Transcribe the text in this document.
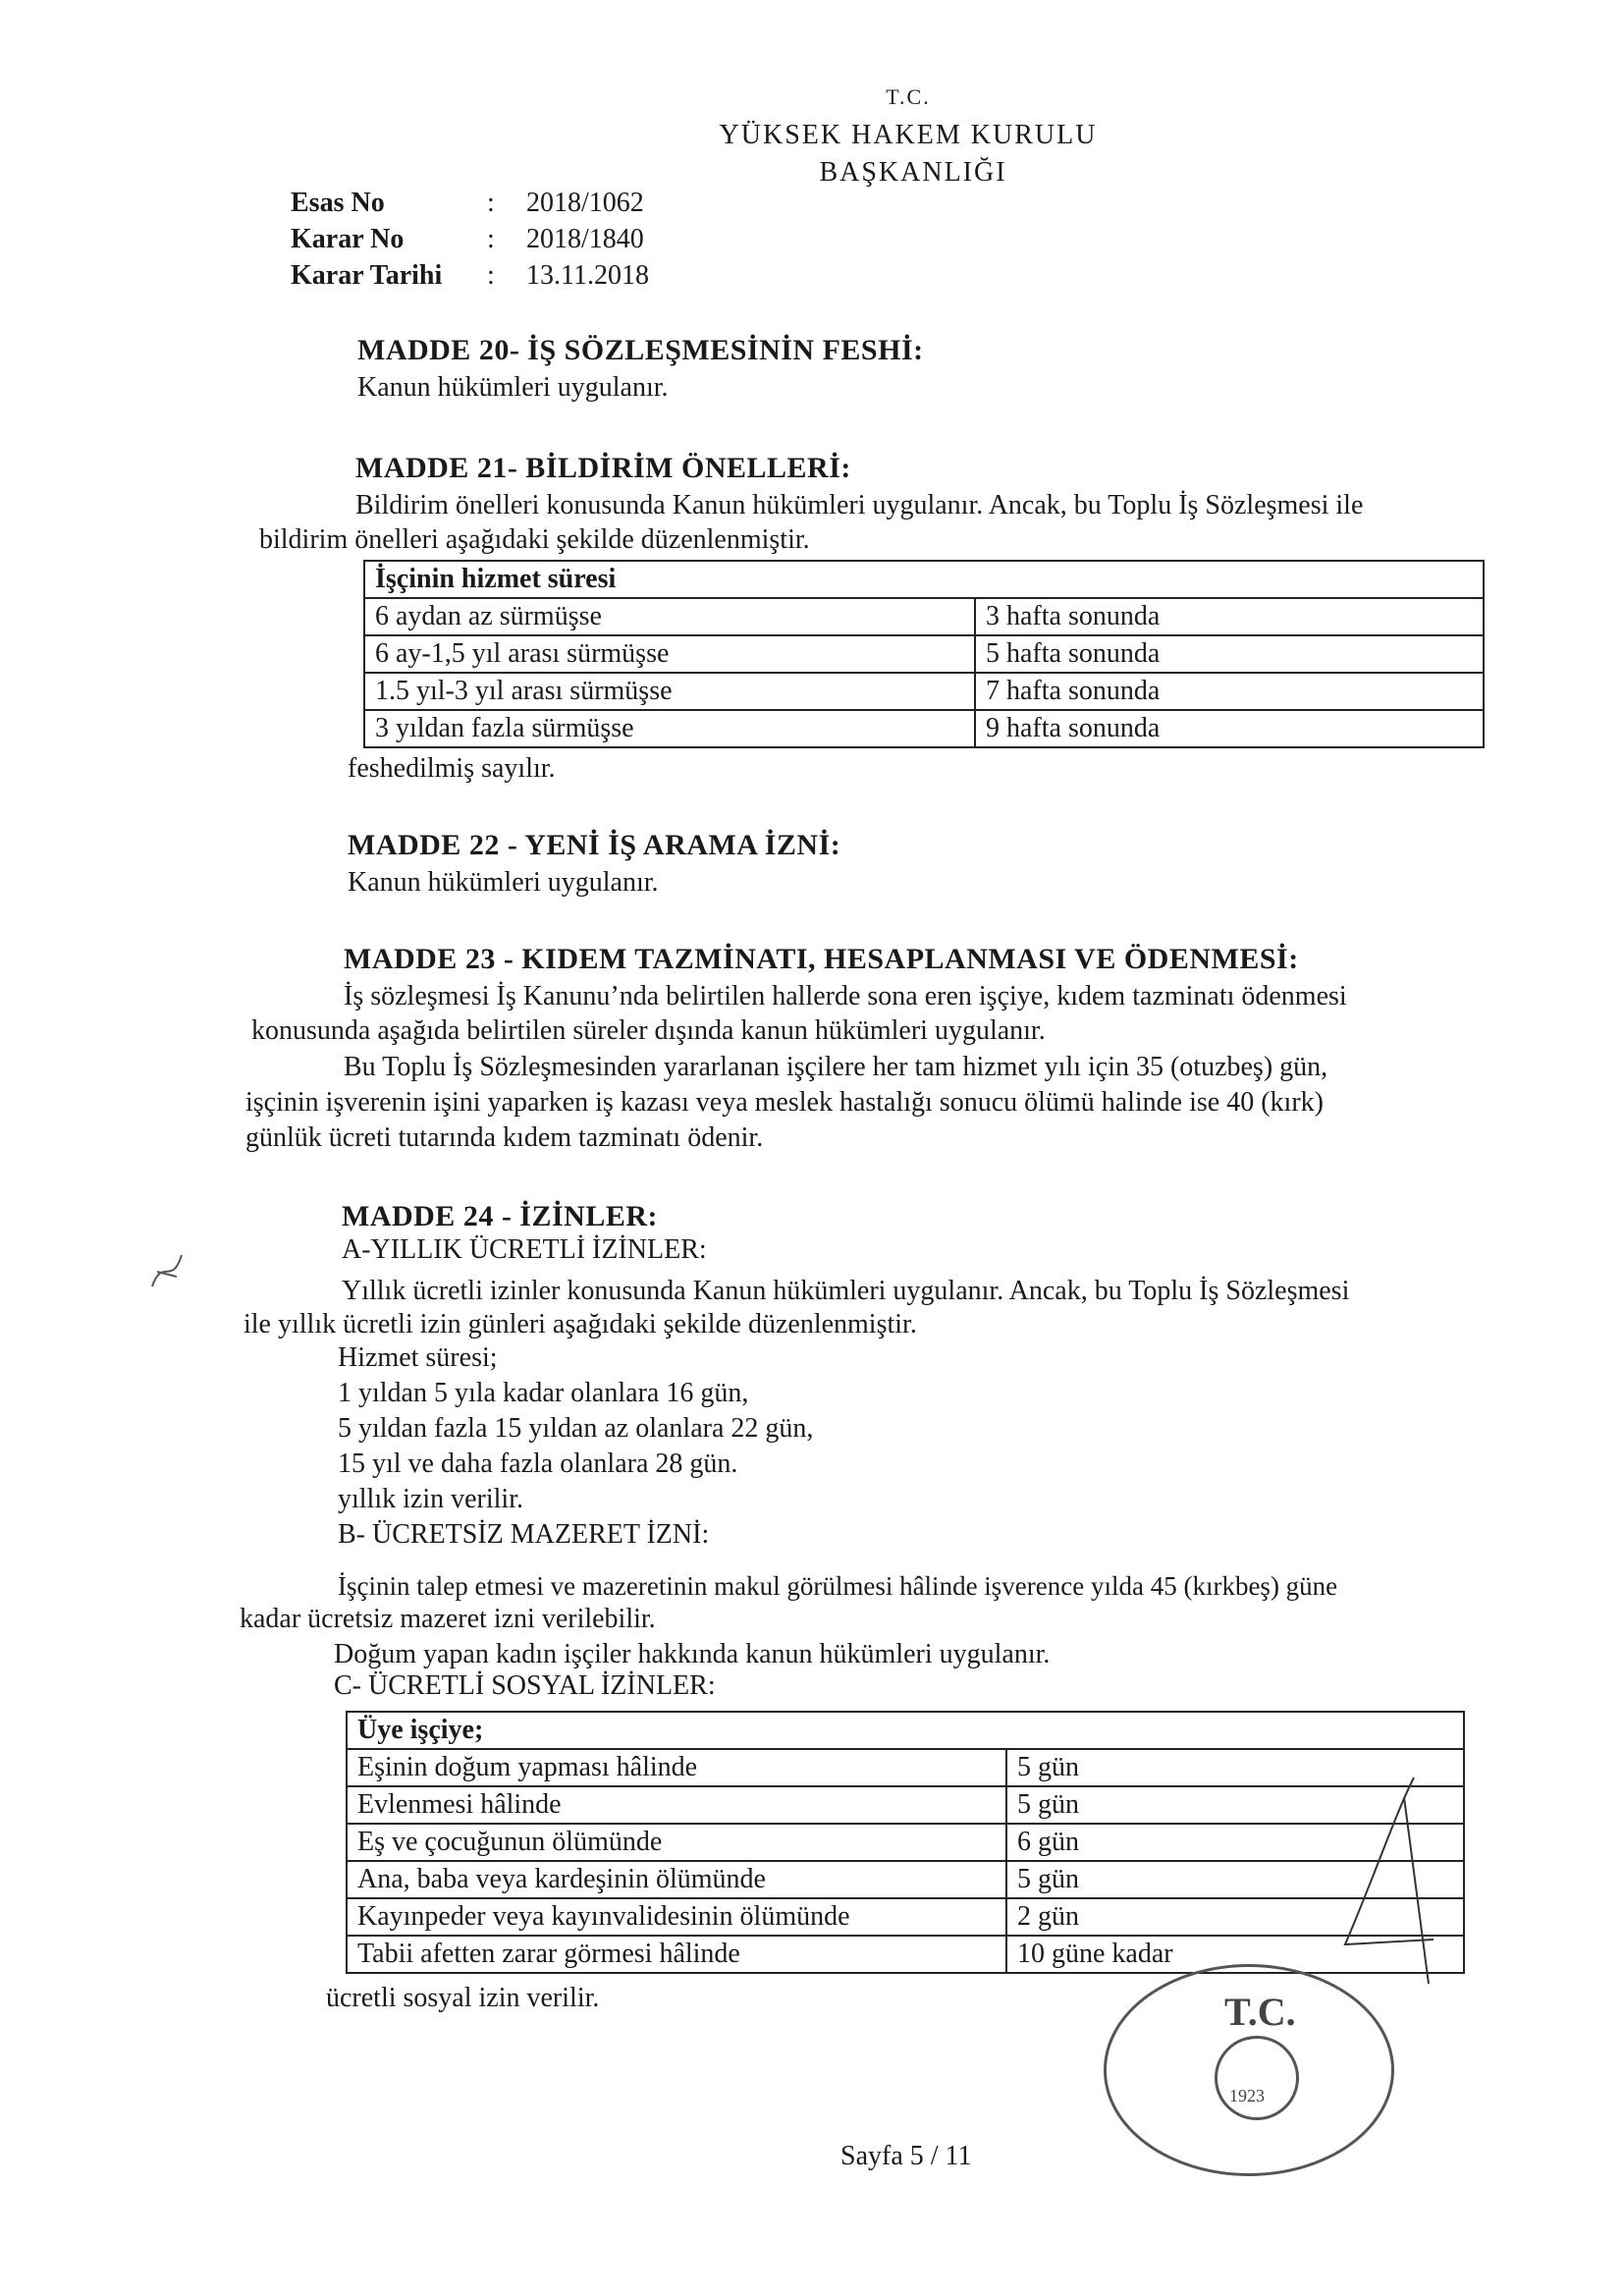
T.C.
YÜKSEK HAKEM KURULU
BAŞKANLIĞI
Esas No	: 2018/1062
Karar No	: 2018/1840
Karar Tarihi : 13.11.2018
MADDE 20- İŞ SÖZLEŞMESİNİN FESHİ:
Kanun hükümleri uygulanır.
MADDE 21- BİLDİRİM ÖNELLERİ:
Bildirim önelleri konusunda Kanun hükümleri uygulanır. Ancak, bu Toplu İş Sözleşmesi ile
bildirim önelleri aşağıdaki şekilde düzenlenmiştir.
İşçinin hizmet süresi	
6 aydan az sürmüşse	3 hafta sonunda
6 ay-1,5 yıl arası sürmüşse	5 hafta sonunda
1.5 yıl-3 yıl arası sürmüşse	7 hafta sonunda
3 yıldan fazla sürmüşse	9 hafta sonunda
feshedilmiş sayılır.
MADDE 22 - YENİ İŞ ARAMA İZNİ:
Kanun hükümleri uygulanır.
MADDE 23 - KIDEM TAZMİNATI, HESAPLANMASI VE ÖDENMESİ:
İş sözleşmesi İş Kanunu’nda belirtilen hallerde sona eren işçiye, kıdem tazminatı ödenmesi
konusunda aşağıda belirtilen süreler dışında kanun hükümleri uygulanır.
Bu Toplu İş Sözleşmesinden yararlanan işçilere her tam hizmet yılı için 35 (otuzbeş) gün,
işçinin işverenin işini yaparken iş kazası veya meslek hastalığı sonucu ölümü halinde ise 40 (kırk)
günlük ücreti tutarında kıdem tazminatı ödenir.
MADDE 24 - İZİNLER:
A-YILLIK ÜCRETLİ İZİNLER:
Yıllık ücretli izinler konusunda Kanun hükümleri uygulanır. Ancak, bu Toplu İş Sözleşmesi
ile yıllık ücretli izin günleri aşağıdaki şekilde düzenlenmiştir.
Hizmet süresi;
1 yıldan 5 yıla kadar olanlara 16 gün,
5 yıldan fazla 15 yıldan az olanlara 22 gün,
15 yıl ve daha fazla olanlara 28 gün.
yıllık izin verilir.
B- ÜCRETSİZ MAZERET İZNİ:
İşçinin talep etmesi ve mazeretinin makul görülmesi hâlinde işverence yılda 45 (kırkbeş) güne
kadar ücretsiz mazeret izni verilebilir.
Doğum yapan kadın işçiler hakkında kanun hükümleri uygulanır.
C- ÜCRETLİ SOSYAL İZİNLER:
Üye işçiye;	
Eşinin doğum yapması hâlinde	5 gün
Evlenmesi hâlinde	5 gün
Eş ve çocuğunun ölümünde	6 gün
Ana, baba veya kardeşinin ölümünde	5 gün
Kayınpeder veya kayınvalidesinin ölümünde	2 gün
Tabii afetten zarar görmesi hâlinde	10 güne kadar
ücretli sosyal izin verilir.
Sayfa 5 / 11
T.C.
1923
